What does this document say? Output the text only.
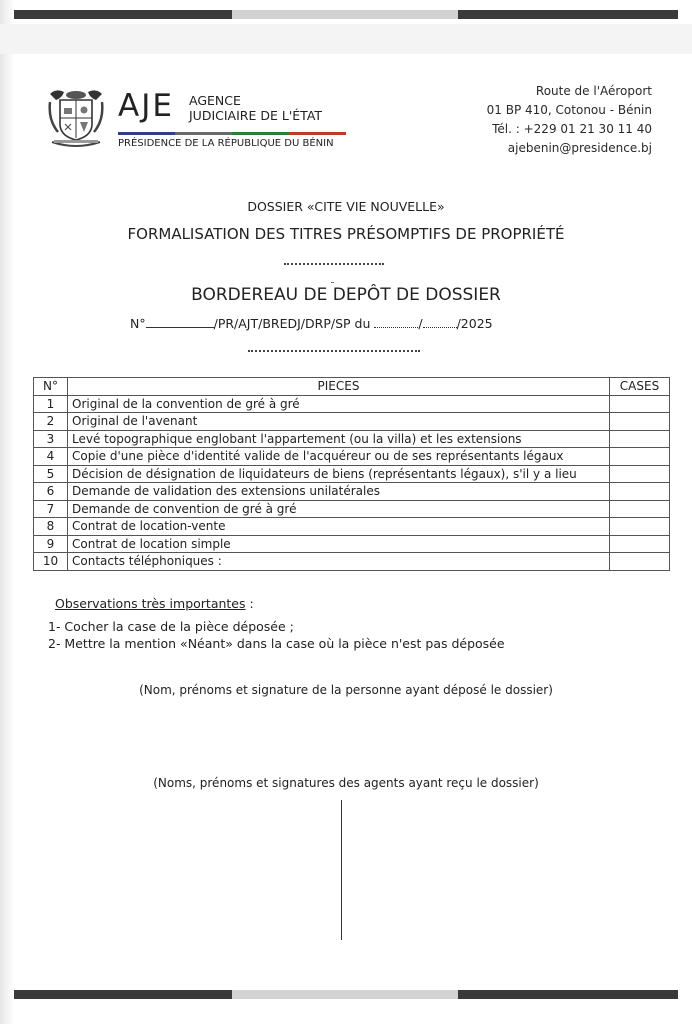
AJE AGENCE
JUDICIAIRE DE L'ÉTAT
PRÉSIDENCE DE LA RÉPUBLIQUE DU BÉNIN
Route de l'Aéroport
01 BP 410, Cotonou - Bénin
Tél. : +229 01 21 30 11 40
ajebenin@presidence.bj
DOSSIER «CITE VIE NOUVELLE»
FORMALISATION DES TITRES PRÉSOMPTIFS DE PROPRIÉTÉ
BORDEREAU DE DEPÔT DE DOSSIER
N°	/PR/AJT/BREDJ/DRP/SP du	/	/2025
N°	PIECES	CASES
1	Original de la convention de gré à gré	
2	Original de l'avenant	
3	Levé topographique englobant l'appartement (ou la villa) et les extensions	
4	Copie d'une pièce d'identité valide de l'acquéreur ou de ses représentants légaux	
5	Décision de désignation de liquidateurs de biens (représentants légaux), s'il y a lieu	
6	Demande de validation des extensions unilatérales	
7	Demande de convention de gré à gré	
8	Contrat de location-vente	
9	Contrat de location simple	
10	Contacts téléphoniques :	
Observations très importantes :
1- Cocher la case de la pièce déposée ;
2- Mettre la mention «Néant» dans la case où la pièce n'est pas déposée
(Nom, prénoms et signature de la personne ayant déposé le dossier)
(Noms, prénoms et signatures des agents ayant reçu le dossier)
